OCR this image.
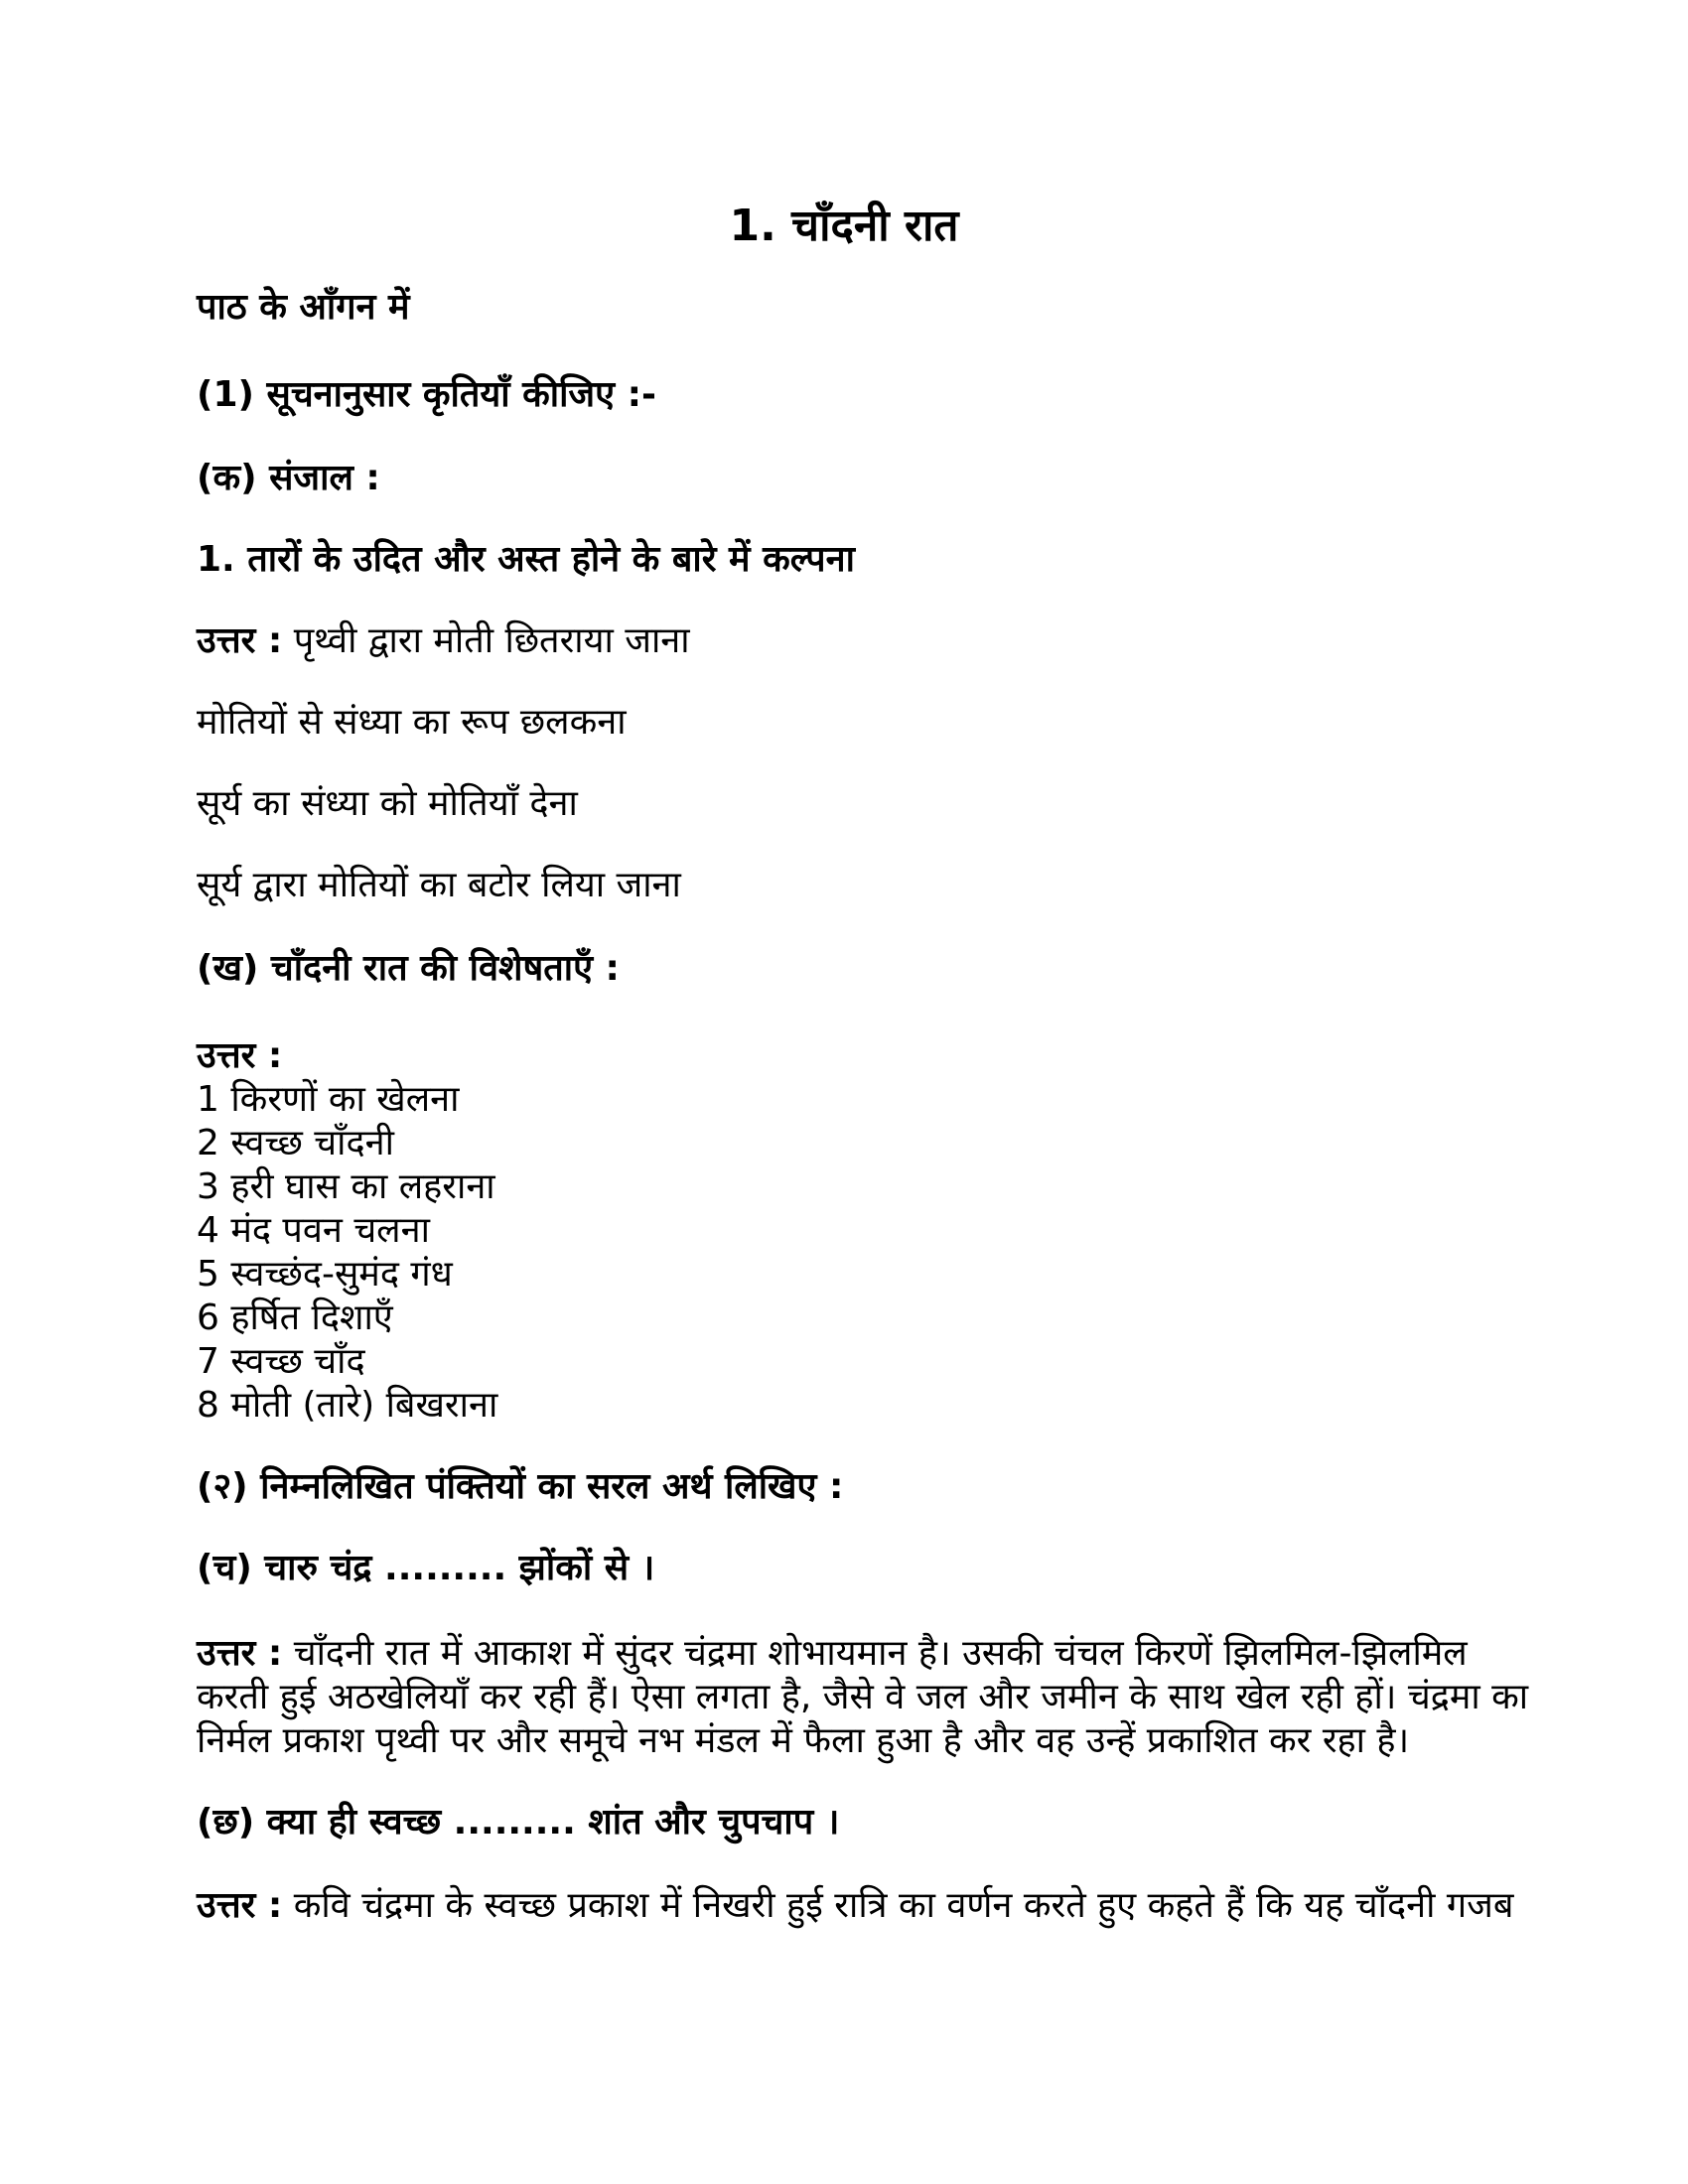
1. चाँदनी रात
पाठ के आँगन में
(1) सूचनानुसार कृतियाँ कीजिए :-
(क) संजाल :
1. तारों के उदित और अस्त होने के बारे में कल्पना
उत्तर : पृथ्वी द्वारा मोती छितराया जाना
मोतियों से संध्या का रूप छलकना
सूर्य का संध्या को मोतियाँ देना
सूर्य द्वारा मोतियों का बटोर लिया जाना
(ख) चाँदनी रात की विशेषताएँ :
उत्तर :
1 किरणों का खेलना
2 स्वच्छ चाँदनी
3 हरी घास का लहराना
4 मंद पवन चलना
5 स्वच्छंद-सुमंद गंध
6 हर्षित दिशाएँ
7 स्वच्छ चाँद
8 मोती (तारे) बिखराना
(२) निम्नलिखित पंक्तियों का सरल अर्थ लिखिए :
(च) चारु चंद्र ......... झोंकों से ।
उत्तर : चाँदनी रात में आकाश में सुंदर चंद्रमा शोभायमान है। उसकी चंचल किरणें झिलमिल-झिलमिल
करती हुई अठखेलियाँ कर रही हैं। ऐसा लगता है, जैसे वे जल और जमीन के साथ खेल रही हों। चंद्रमा का
निर्मल प्रकाश पृथ्वी पर और समूचे नभ मंडल में फैला हुआ है और वह उन्हें प्रकाशित कर रहा है।
(छ) क्या ही स्वच्छ ......... शांत और चुपचाप ।
उत्तर : कवि चंद्रमा के स्वच्छ प्रकाश में निखरी हुई रात्रि का वर्णन करते हुए कहते हैं कि यह चाँदनी गजब
